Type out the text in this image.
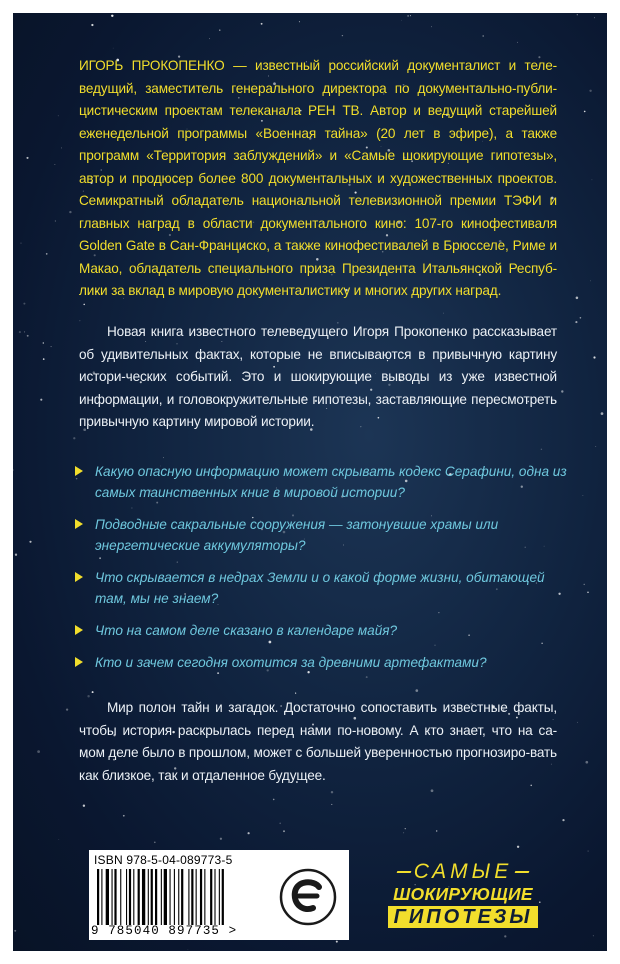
ИГОРЬ ПРОКОПЕНКО — известный российский документалист и теле-ведущий, заместитель генерального директора по документально-публи-цистическим проектам телеканала РЕН ТВ. Автор и ведущий старейшей еженедельной программы «Военная тайна» (20 лет в эфире), а также программ «Территория заблуждений» и «Самые шокирующие гипотезы», автор и продюсер более 800 документальных и художественных проектов. Семикратный обладатель национальной телевизионной премии ТЭФИ и главных наград в области документального кино: 107-го кинофестиваля Golden Gate в Сан-Франциско, а также кинофестивалей в Брюсселе, Риме и Макао, обладатель специального приза Президента Итальянской Респуб-лики за вклад в мировую документалистику и многих других наград.
Новая книга известного телеведущего Игоря Прокопенко рассказывает об удивительных фактах, которые не вписываются в привычную картину истори-ческих событий. Это и шокирующие выводы из уже известной информации, и головокружительные гипотезы, заставляющие пересмотреть привычную картину мировой истории.
Какую опасную информацию может скрывать кодекс Серафини, одна из самых таинственных книг в мировой истории?
Подводные сакральные сооружения — затонувшие храмы или энергетические аккумуляторы?
Что скрывается в недрах Земли и о какой форме жизни, обитающей там, мы не знаем?
Что на самом деле сказано в календаре майя?
Кто и зачем сегодня охотится за древними артефактами?
Мир полон тайн и загадок. Достаточно сопоставить известные факты, чтобы история раскрылась перед нами по-новому. А кто знает, что на са-мом деле было в прошлом, может с большей уверенностью прогнозиро-вать как близкое, так и отдаленное будущее.
ISBN 978-5-04-089773-5
9 785040 897735 >
САМЫЕ
ШОКИРУЮЩИЕ
ГИПОТЕЗЫ
